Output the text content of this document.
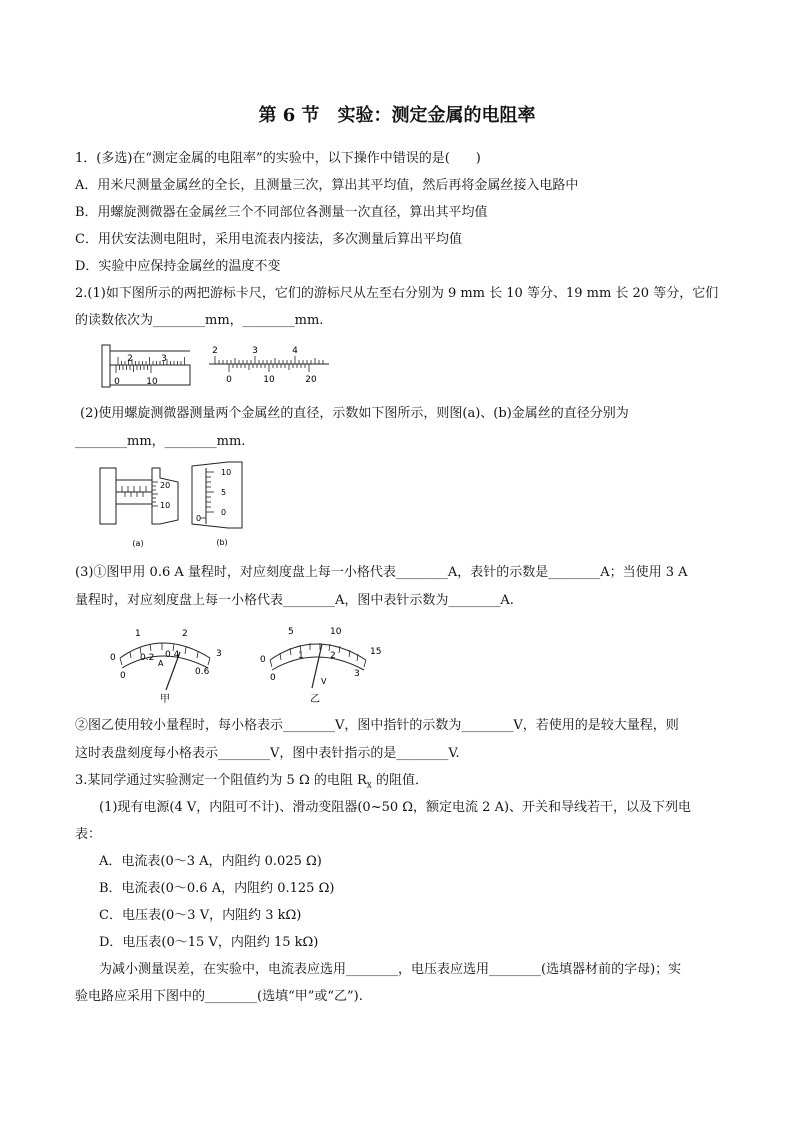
第 6 节　实验：测定金属的电阻率
1．(多选)在“测定金属的电阻率”的实验中，以下操作中错误的是(　　)
A．用米尺测量金属丝的全长，且测量三次，算出其平均值，然后再将金属丝接入电路中
B．用螺旋测微器在金属丝三个不同部位各测量一次直径，算出其平均值
C．用伏安法测电阻时，采用电流表内接法，多次测量后算出平均值
D．实验中应保持金属丝的温度不变
2.(1)如下图所示的两把游标卡尺，它们的游标尺从左至右分别为 9 mm 长 10 等分、19 mm 长 20 等分，它们
的读数依次为________mm，________mm.
2	3
0	10
2	3	4
0	10	20
(2)使用螺旋测微器测量两个金属丝的直径，示数如下图所示，则图(a)、(b)金属丝的直径分别为
________mm，________mm.
20
10
(a)
10
5
0
0
(b)
(3)①图甲用 0.6 A 量程时，对应刻度盘上每一小格代表________A，表针的示数是________A；当使用 3 A
量程时，对应刻度盘上每一小格代表________A，图中表针示数为________A.
0
1	2
3
0
0.2 0.4
0.6
A
甲
0
5	10
15
0
1	2
3
V
乙
②图乙使用较小量程时，每小格表示________V，图中指针的示数为________V，若使用的是较大量程，则
这时表盘刻度每小格表示________V，图中表针指示的是________V.
3.某同学通过实验测定一个阻值约为 5 Ω 的电阻 $R_x$ 的阻值．
(1)现有电源(4 V，内阻可不计)、滑动变阻器(0~50 Ω，额定电流 2 A)、开关和导线若干，以及下列电
表：
A．电流表(0～3 A，内阻约 0.025 Ω)
B．电流表(0～0.6 A，内阻约 0.125 Ω)
C．电压表(0～3 V，内阻约 3 kΩ)
D．电压表(0～15 V，内阻约 15 kΩ)
为减小测量误差，在实验中，电流表应选用________，电压表应选用________(选填器材前的字母)；实
验电路应采用下图中的________(选填“甲”或“乙”).
